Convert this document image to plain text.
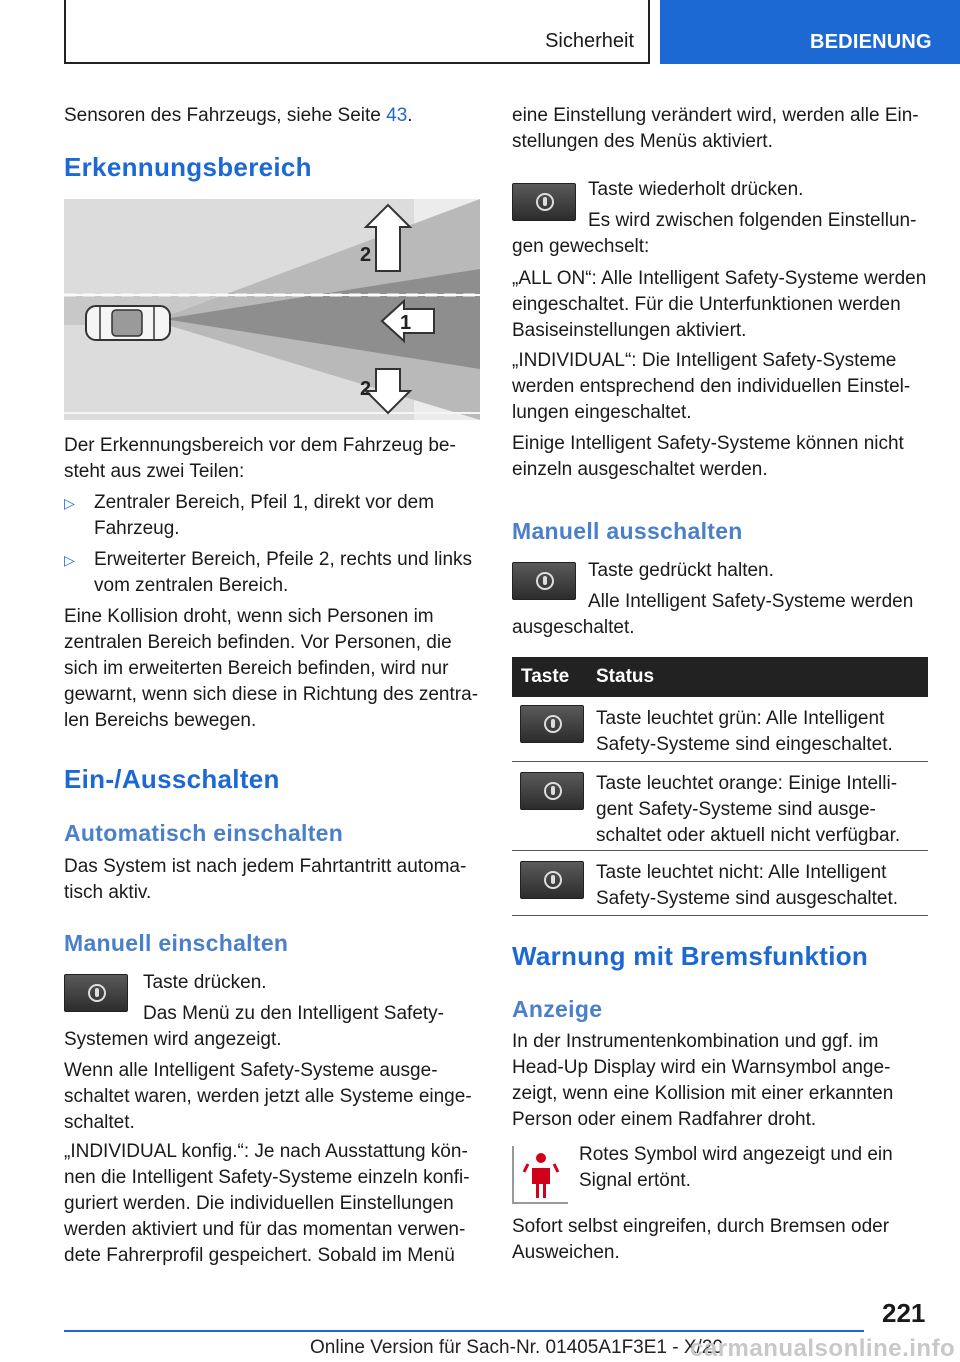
Sicherheit	BEDIENUNG

Sensoren des Fahrzeugs, siehe Seite 43.

Erkennungsbereich
2
1
2

Der Erkennungsbereich vor dem Fahrzeug besteht aus zwei Teilen:

▷ Zentraler Bereich, Pfeil 1, direkt vor dem Fahrzeug.
▷ Erweiterter Bereich, Pfeile 2, rechts und links vom zentralen Bereich.

Eine Kollision droht, wenn sich Personen im zentralen Bereich befinden. Vor Personen, die sich im erweiterten Bereich befinden, wird nur gewarnt, wenn sich diese in Richtung des zentralen Bereichs bewegen.

Ein-/Ausschalten
Automatisch einschalten

Das System ist nach jedem Fahrtantritt automatisch aktiv.

Manuell einschalten

Taste drücken.

Das Menü zu den Intelligent Safety-Systemen wird angezeigt.

Wenn alle Intelligent Safety-Systeme ausgeschaltet waren, werden jetzt alle Systeme eingeschaltet.

„INDIVIDUAL konfig.“: Je nach Ausstattung können die Intelligent Safety-Systeme einzeln konfiguriert werden. Die individuellen Einstellungen werden aktiviert und für das momentan verwendete Fahrerprofil gespeichert. Sobald im Menü

eine Einstellung verändert wird, werden alle Einstellungen des Menüs aktiviert.

Taste wiederholt drücken.

Es wird zwischen folgenden Einstellungen gewechselt:

„ALL ON“: Alle Intelligent Safety-Systeme werden eingeschaltet. Für die Unterfunktionen werden Basiseinstellungen aktiviert.

„INDIVIDUAL“: Die Intelligent Safety-Systeme werden entsprechend den individuellen Einstellungen eingeschaltet.

Einige Intelligent Safety-Systeme können nicht einzeln ausgeschaltet werden.

Manuell ausschalten

Taste gedrückt halten.

Alle Intelligent Safety-Systeme werden ausgeschaltet.

Taste Status
Taste leuchtet grün: Alle Intelligent Safety-Systeme sind eingeschaltet.
Taste leuchtet orange: Einige Intelligent Safety-Systeme sind ausgeschaltet oder aktuell nicht verfügbar.
Taste leuchtet nicht: Alle Intelligent Safety-Systeme sind ausgeschaltet.
Warnung mit Bremsfunktion
Anzeige

In der Instrumentenkombination und ggf. im Head-Up Display wird ein Warnsymbol angezeigt, wenn eine Kollision mit einer erkannten Person oder einem Radfahrer droht.

Rotes Symbol wird angezeigt und ein Signal ertönt.

Sofort selbst eingreifen, durch Bremsen oder Ausweichen.

221
Online Version für Sach-Nr. 01405A1F3E1 - X/20
carmanualsonline.info
